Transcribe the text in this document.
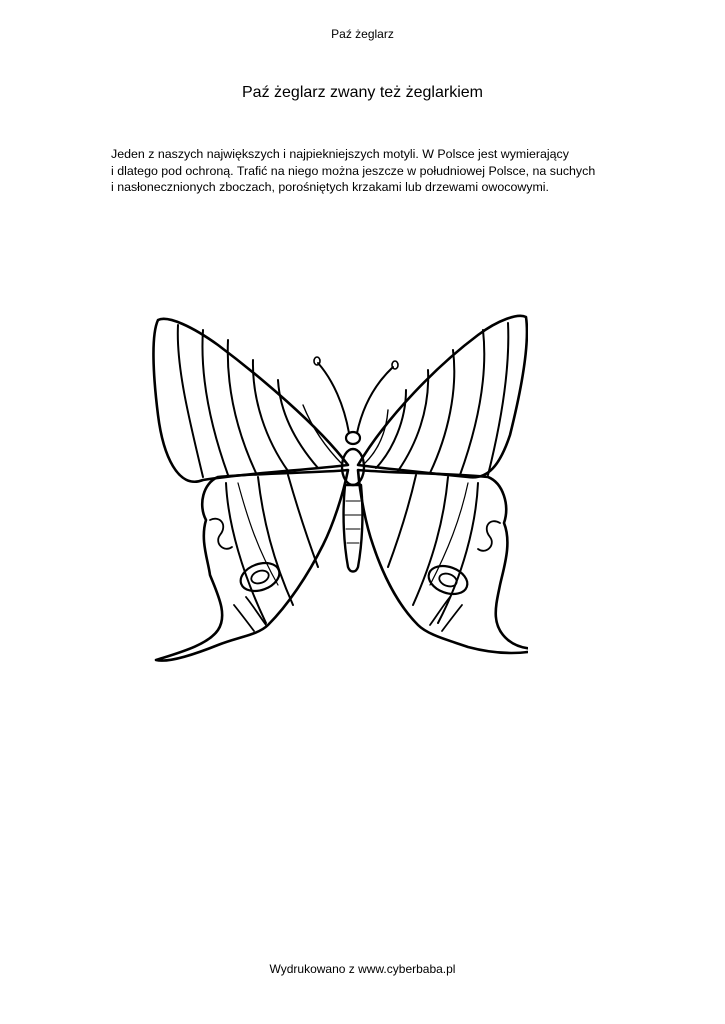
Paź żeglarz
Paź żeglarz zwany też żeglarkiem
Jeden z naszych największych i najpiekniejszych motyli. W Polsce jest wymierający
i dlatego pod ochroną. Trafić na niego można jeszcze w południowej Polsce, na suchych
i nasłonecznionych zboczach, porośniętych krzakami lub drzewami owocowymi.
Wydrukowano z www.cyberbaba.pl
